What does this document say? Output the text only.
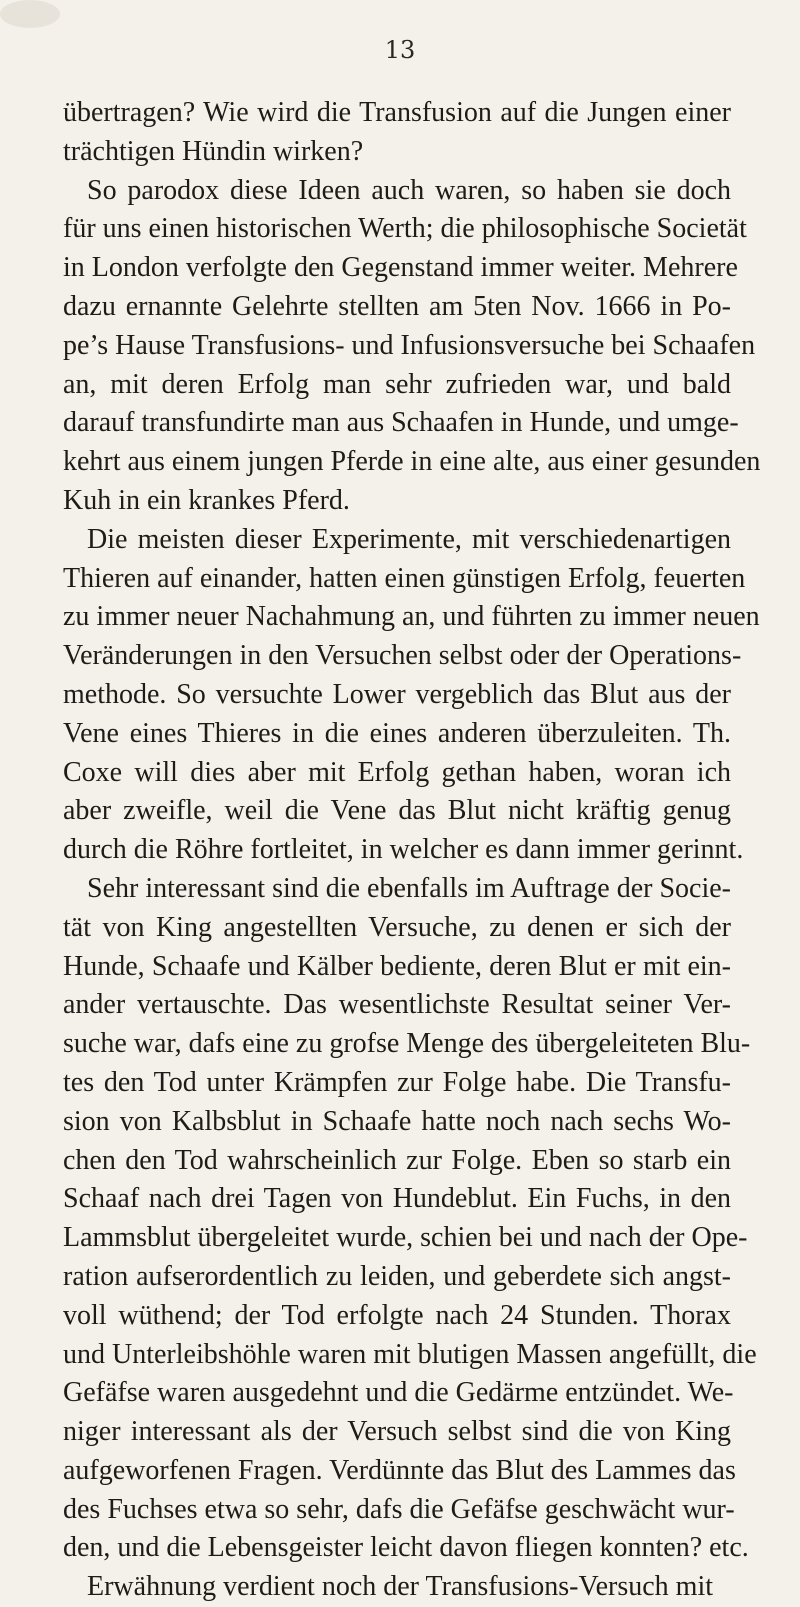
13
übertragen? Wie wird die Transfusion auf die Jungen einer
trächtigen Hündin wirken?
So parodox diese Ideen auch waren, so haben sie doch
für uns einen historischen Werth; die philosophische Societät
in London verfolgte den Gegenstand immer weiter. Mehrere
dazu ernannte Gelehrte stellten am 5ten Nov. 1666 in Po-
pe’s Hause Transfusions- und Infusionsversuche bei Schaafen
an, mit deren Erfolg man sehr zufrieden war, und bald
darauf transfundirte man aus Schaafen in Hunde, und umge-
kehrt aus einem jungen Pferde in eine alte, aus einer gesunden
Kuh in ein krankes Pferd.
Die meisten dieser Experimente, mit verschiedenartigen
Thieren auf einander, hatten einen günstigen Erfolg, feuerten
zu immer neuer Nachahmung an, und führten zu immer neuen
Veränderungen in den Versuchen selbst oder der Operations-
methode. So versuchte Lower vergeblich das Blut aus der
Vene eines Thieres in die eines anderen überzuleiten. Th.
Coxe will dies aber mit Erfolg gethan haben, woran ich
aber zweifle, weil die Vene das Blut nicht kräftig genug
durch die Röhre fortleitet, in welcher es dann immer gerinnt.
Sehr interessant sind die ebenfalls im Auftrage der Socie-
tät von King angestellten Versuche, zu denen er sich der
Hunde, Schaafe und Kälber bediente, deren Blut er mit ein-
ander vertauschte. Das wesentlichste Resultat seiner Ver-
suche war, dafs eine zu grofse Menge des übergeleiteten Blu-
tes den Tod unter Krämpfen zur Folge habe. Die Transfu-
sion von Kalbsblut in Schaafe hatte noch nach sechs Wo-
chen den Tod wahrscheinlich zur Folge. Eben so starb ein
Schaaf nach drei Tagen von Hundeblut. Ein Fuchs, in den
Lammsblut übergeleitet wurde, schien bei und nach der Ope-
ration aufserordentlich zu leiden, und geberdete sich angst-
voll wüthend; der Tod erfolgte nach 24 Stunden. Thorax
und Unterleibshöhle waren mit blutigen Massen angefüllt, die
Gefäfse waren ausgedehnt und die Gedärme entzündet. We-
niger interessant als der Versuch selbst sind die von King
aufgeworfenen Fragen. Verdünnte das Blut des Lammes das
des Fuchses etwa so sehr, dafs die Gefäfse geschwächt wur-
den, und die Lebensgeister leicht davon fliegen konnten? etc.
Erwähnung verdient noch der Transfusions-Versuch mit
